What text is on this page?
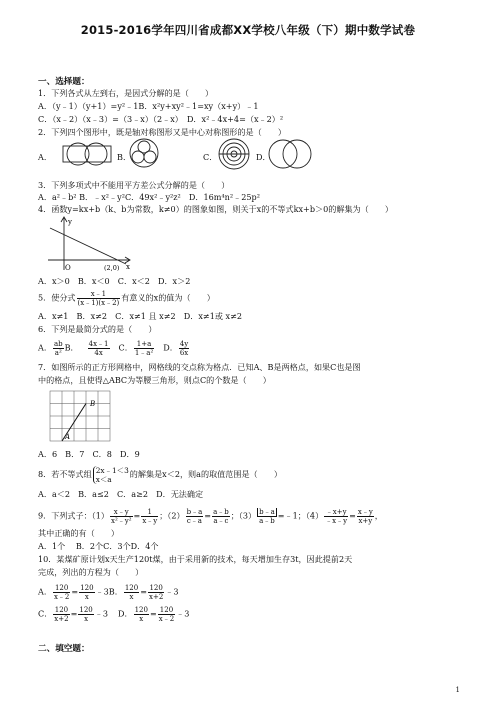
2015-2016学年四川省成都XX学校八年级（下）期中数学试卷
一、选择题：
1．下列各式从左到右，是因式分解的是（　　）
A．（y﹣1）（y+1）=y²﹣1B．x²y+xy²﹣1=xy（x+y）﹣1
C．（x﹣2）（x﹣3）=（3﹣x）（2﹣x）　D．x²﹣4x+4=（x﹣2）²
2．下列四个图形中，既是轴对称图形又是中心对称图形的是（　　）
A．	B．	C．	D．
3．下列多项式中不能用平方差公式分解的是（　　）
A．a²﹣b² B．﹣x²﹣y²C．49x²﹣y²z²　D．16m⁴n²﹣25p²
4．函数y=kx+b（k、b为常数，k≠0）的图象如图，则关于x的不等式kx+b＞0的解集为（　　）
y
x
O	(2,0)
A．x＞0　B．x＜0　C．x＜2　D．x＞2
5．使分式 $\frac{x﹣1}{(x﹣1)(x﹣2)}$ 有意义的x的值为（　　）
A．x≠1　B．x≠2　C．x≠1 且 x≠2　D．x≠1或 x≠2
6．下列是最简分式的是（　　）
A． $\frac{ab}{\text{a²}}$ B． $\frac{4x﹣1}{4x}$ C． $\frac{1+a}{\text{1﹣a²}}$ D． $\frac{4y}{6x}$
7．如图所示的正方形网格中，网格线的交点称为格点．已知A、B是两格点，如果C也是图
中的格点，且使得△ABC为等腰三角形，则点C的个数是（　　）
B
A
A．6　B．7　C．8　D．9
8．若不等式组 2x﹣1＜3
x＜a
的解集是x＜2，则a的取值范围是（　　）
A．a＜2　B．a≤2　C．a≥2　D．无法确定
9．下列式子：$(1) \frac{x﹣y}{\text{x²﹣y²}} = \frac{1}{x﹣y}$ ；$(2) \frac{b﹣a}{c﹣a} = \frac{a﹣b}{a﹣c}$ ；$(3) \frac{b﹣a}{a﹣b}$ =﹣1；$(4) \frac{﹣x+y}{﹣x﹣y} = \frac{x﹣y}{x+y}$ ，
其中正确的有（　　）
A．1个　 B．2个C．3个D．4个
10．某煤矿原计划x天生产120t煤，由于采用新的技术，每天增加生存3t，因此提前2天
完成，列出的方程为（　　）
A． $\frac{120}{x﹣2} = \frac{120}{x}$ ﹣3B． $\frac{120}{x} = \frac{120}{x+2}$ ﹣3
C． $\frac{120}{x+2} = \frac{120}{x}$ ﹣3 D． $\frac{120}{x} = \frac{120}{x﹣2}$ ﹣3
二、填空题：
1
